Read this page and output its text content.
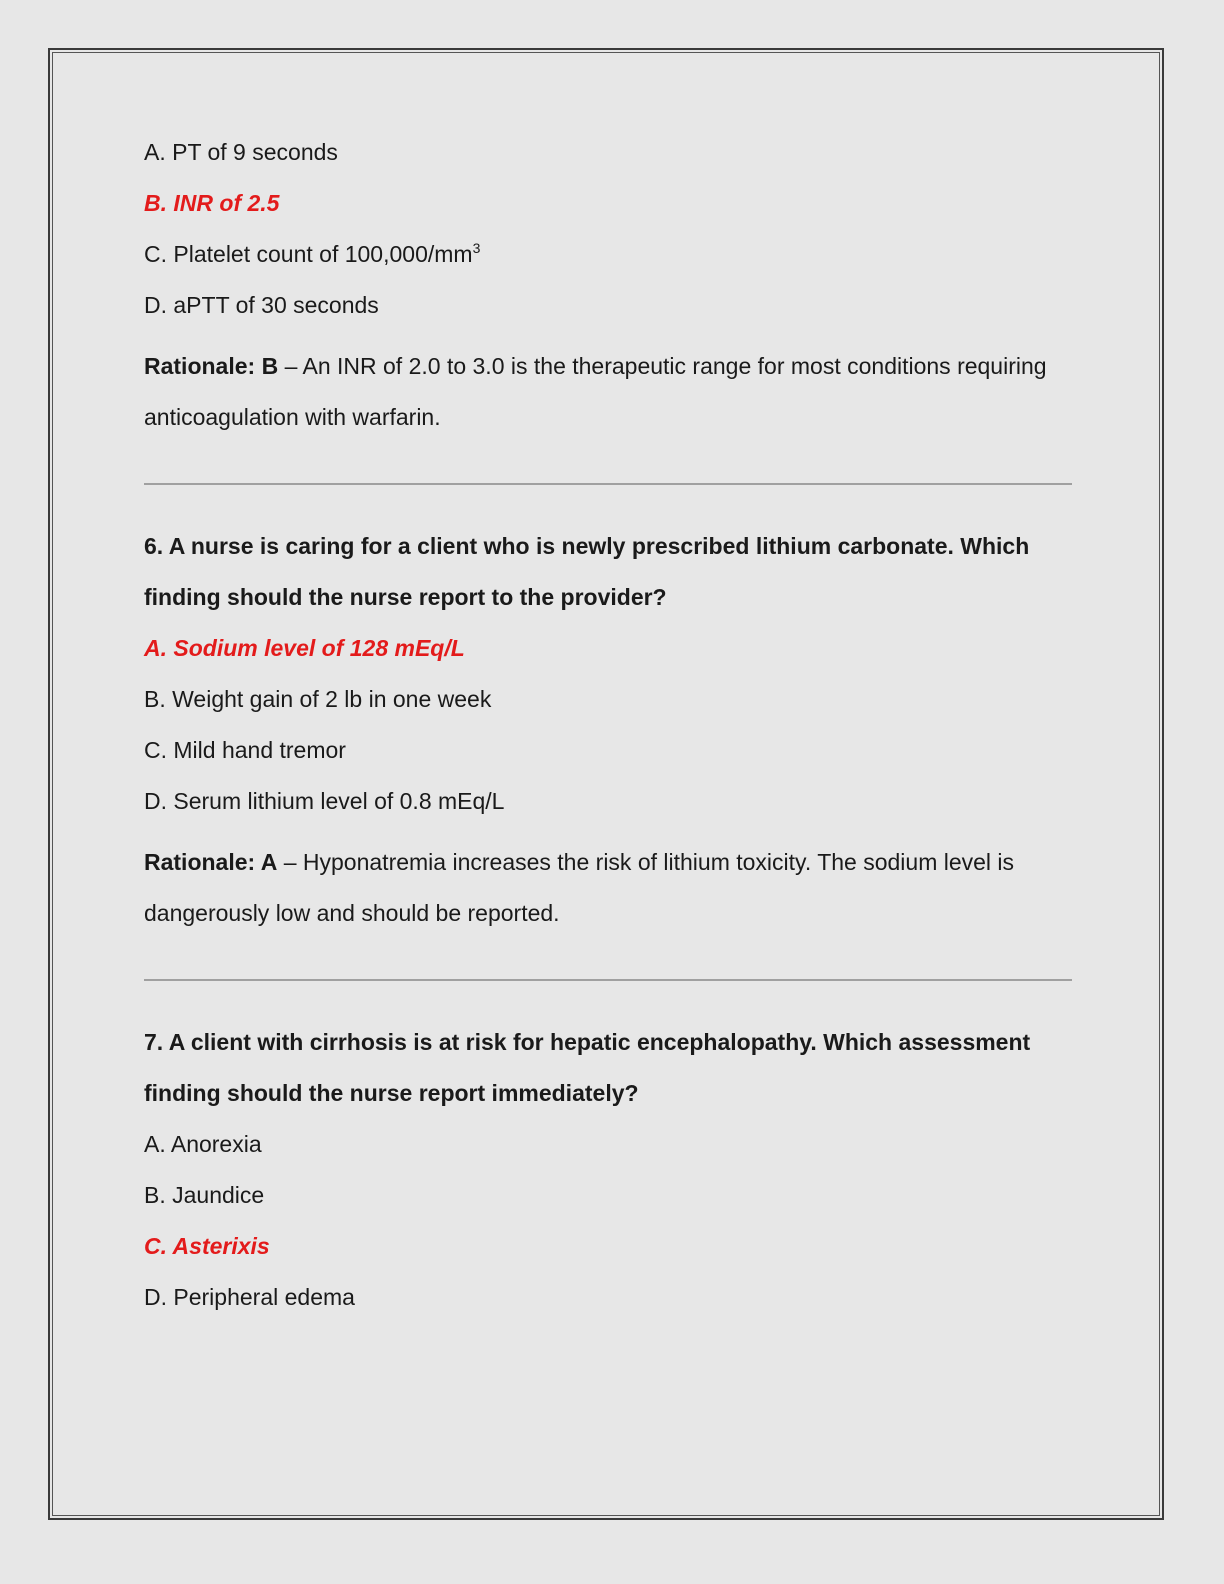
A. PT of 9 seconds

B. INR of 2.5

C. Platelet count of $100,000/mm^3$

D. aPTT of 30 seconds

Rationale: B – An INR of 2.0 to 3.0 is the therapeutic range for most conditions requiring anticoagulation with warfarin.

6. A nurse is caring for a client who is newly prescribed lithium carbonate. Which finding should the nurse report to the provider?

A. Sodium level of 128 mEq/L

B. Weight gain of 2 lb in one week

C. Mild hand tremor

D. Serum lithium level of 0.8 mEq/L

Rationale: A – Hyponatremia increases the risk of lithium toxicity. The sodium level is dangerously low and should be reported.

7. A client with cirrhosis is at risk for hepatic encephalopathy. Which assessment finding should the nurse report immediately?

A. Anorexia

B. Jaundice

C. Asterixis

D. Peripheral edema
